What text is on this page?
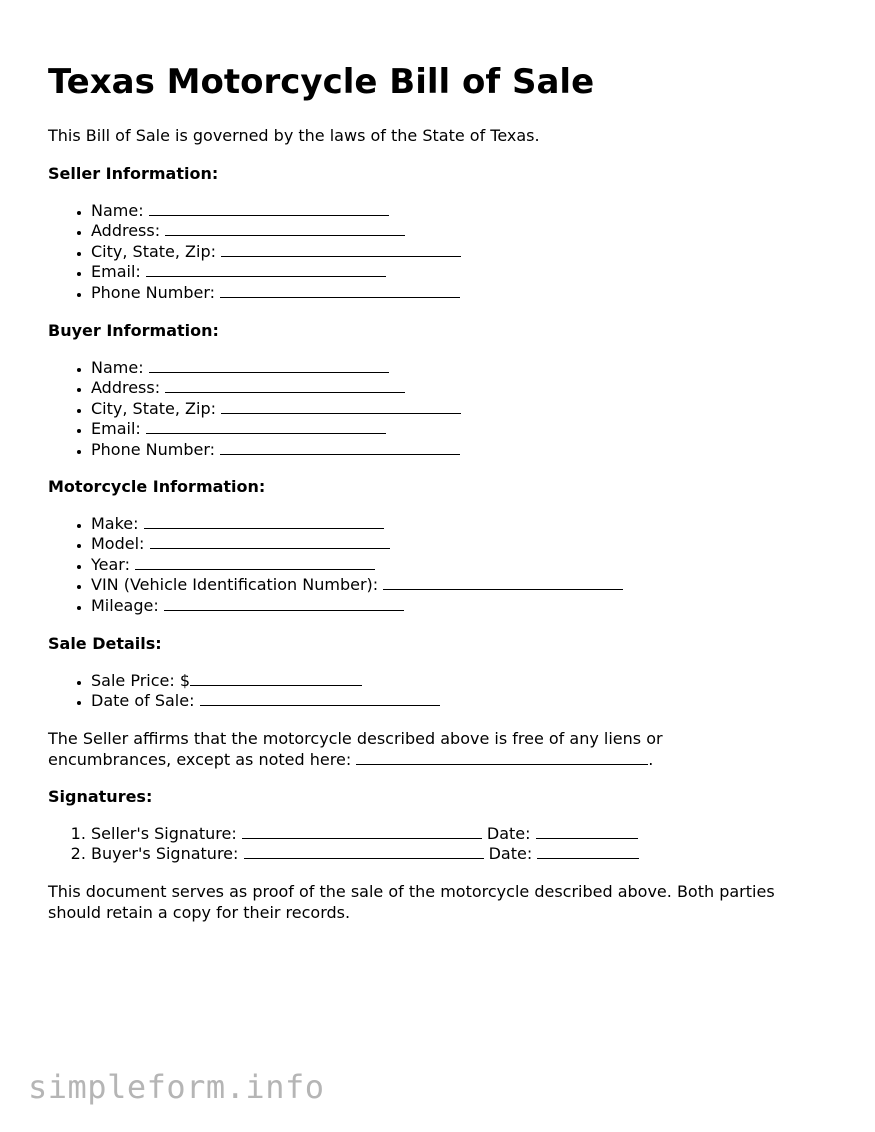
Texas Motorcycle Bill of Sale

This Bill of Sale is governed by the laws of the State of Texas.

Seller Information:

• Name:
• Address:
• City, State, Zip:
• Email:
• Phone Number:

Buyer Information:

• Name:
• Address:
• City, State, Zip:
• Email:
• Phone Number:

Motorcycle Information:

• Make:
• Model:
• Year:
• VIN (Vehicle Identification Number):
• Mileage:

Sale Details:

• Sale Price: $
• Date of Sale:

The Seller affirms that the motorcycle described above is free of any liens or
encumbrances, except as noted here:	.

Signatures:

1. Seller's Signature:	Date:
2. Buyer's Signature:	Date:

This document serves as proof of the sale of the motorcycle described above. Both parties
should retain a copy for their records.

simpleform.info
